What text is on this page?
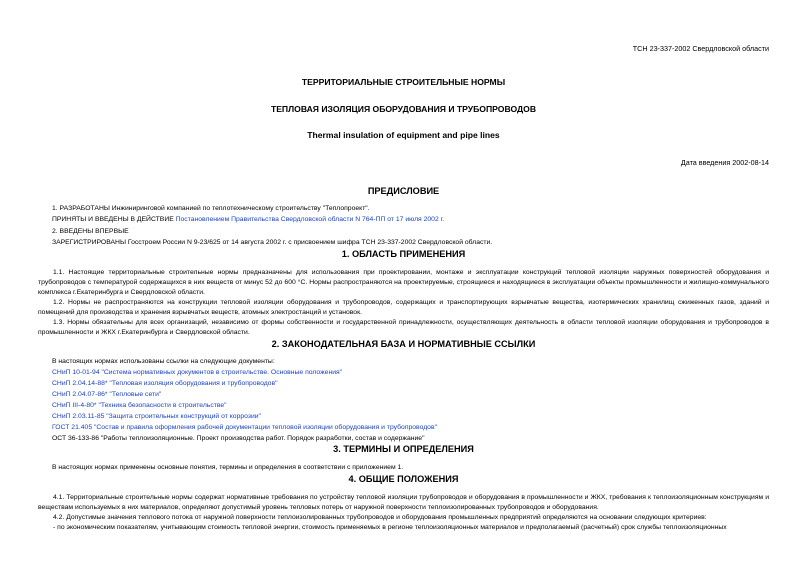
ТСН 23-337-2002 Свердловской области
ТЕРРИТОРИАЛЬНЫЕ СТРОИТЕЛЬНЫЕ НОРМЫ
ТЕПЛОВАЯ ИЗОЛЯЦИЯ ОБОРУДОВАНИЯ И ТРУБОПРОВОДОВ
Thermal insulation of equipment and pipe lines
Дата введения 2002-08-14
ПРЕДИСЛОВИЕ
1. РАЗРАБОТАНЫ Инжиниринговой компанией по теплотехническому строительству "Теплопроект".
ПРИНЯТЫ И ВВЕДЕНЫ В ДЕЙСТВИЕ Постановлением Правительства Свердловской области N 764-ПП от 17 июля 2002 г.
2. ВВЕДЕНЫ ВПЕРВЫЕ
ЗАРЕГИСТРИРОВАНЫ Госстроем России N 9-23/625 от 14 августа 2002 г. с присвоением шифра ТСН 23-337-2002 Свердловской области.
1. ОБЛАСТЬ ПРИМЕНЕНИЯ
1.1. Настоящие территориальные строительные нормы предназначены для использования при проектировании, монтаже и эксплуатации конструкций тепловой изоляции наружных поверхностей оборудования и трубопроводов с температурой содержащихся в них веществ от минус 52 до 600 °С. Нормы распространяются на проектируемые, строящиеся и находящиеся в эксплуатации объекты промышленности и жилищно-коммунального комплекса г.Екатеринбурга и Свердловской области.
1.2. Нормы не распространяются на конструкции тепловой изоляции оборудования и трубопроводов, содержащих и транспортирующих взрывчатые вещества, изотермических хранилищ сжиженных газов, зданий и помещений для производства и хранения взрывчатых веществ, атомных электростанций и установок.
1.3. Нормы обязательны для всех организаций, независимо от формы собственности и государственной принадлежности, осуществляющих деятельность в области тепловой изоляции оборудования и трубопроводов в промышленности и ЖКХ г.Екатеринбурга и Свердловской области.
2. ЗАКОНОДАТЕЛЬНАЯ БАЗА И НОРМАТИВНЫЕ ССЫЛКИ
В настоящих нормах использованы ссылки на следующие документы:
СНиП 10-01-94 "Система нормативных документов в строительстве. Основные положения"
СНиП 2.04.14-88* "Тепловая изоляция оборудования и трубопроводов"
СНиП 2.04.07-86* "Тепловые сети"
СНиП III-4-80* "Техника безопасности в строительстве"
СНиП 2.03.11-85 "Защита строительных конструкций от коррозии"
ГОСТ 21.405 "Состав и правила оформления рабочей документации тепловой изоляции оборудования и трубопроводов"
ОСТ 36-133-86 "Работы теплоизоляционные. Проект производства работ. Порядок разработки, состав и содержание"
3. ТЕРМИНЫ И ОПРЕДЕЛЕНИЯ
В настоящих нормах применены основные понятия, термины и определения в соответствии с приложением 1.
4. ОБЩИЕ ПОЛОЖЕНИЯ
4.1. Территориальные строительные нормы содержат нормативные требования по устройству тепловой изоляции трубопроводов и оборудования в промышленности и ЖКХ, требования к теплоизоляционным конструкциям и веществам используемых в них материалов, определяют допустимый уровень тепловых потерь от наружной поверхности теплоизолированных трубопроводов и оборудования.
4.2. Допустимые значения теплового потока от наружной поверхности теплоизолированных трубопроводов и оборудования промышленных предприятий определяются на основании следующих критериев:
- по экономическим показателям, учитывающим стоимость тепловой энергии, стоимость применяемых в регионе теплоизоляционных материалов и предполагаемый (расчетный) срок службы теплоизоляционных
